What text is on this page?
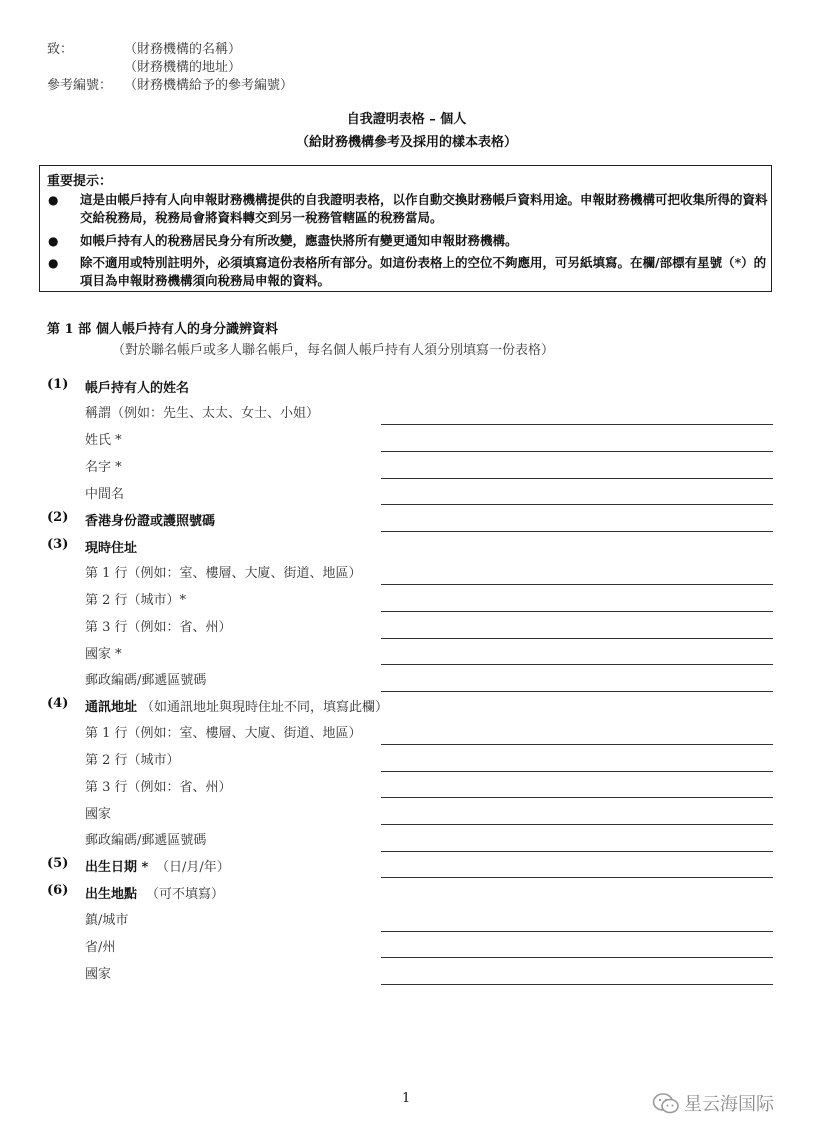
致：	（財務機構的名稱）
（財務機構的地址）
參考編號： （財務機構給予的參考編號）
自我證明表格 – 個人
（給財務機構參考及採用的樣本表格）
重要提示：
● 這是由帳戶持有人向申報財務機構提供的自我證明表格，以作自動交換財務帳戶資料用途。申報財務機構可把收集所得的資料交給稅務局，稅務局會將資料轉交到另一稅務管轄區的稅務當局。
● 如帳戶持有人的稅務居民身分有所改變，應盡快將所有變更通知申報財務機構。
● 除不適用或特別註明外，必須填寫這份表格所有部分。如這份表格上的空位不夠應用，可另紙填寫。在欄/部標有星號（*）的項目為申報財務機構須向稅務局申報的資料。
第 1 部 個人帳戶持有人的身分識辨資料
（對於聯名帳戶或多人聯名帳戶，每名個人帳戶持有人須分別填寫一份表格）
(1) 帳戶持有人的姓名
稱謂（例如：先生、太太、女士、小姐）
姓氏 *
名字 *
中間名
(2) 香港身份證或護照號碼
(3) 現時住址
第 1 行（例如：室、樓層、大廈、街道、地區）
第 2 行（城市）*
第 3 行（例如：省、州）
國家 *
郵政編碼/郵遞區號碼
(4) 通訊地址 （如通訊地址與現時住址不同，填寫此欄）
第 1 行（例如：室、樓層、大廈、街道、地區）
第 2 行（城市）
第 3 行（例如：省、州）
國家
郵政編碼/郵遞區號碼
(5) 出生日期 * （日/月/年）
(6) 出生地點 （可不填寫）
鎮/城市
省/州
國家
1	星云海国际
